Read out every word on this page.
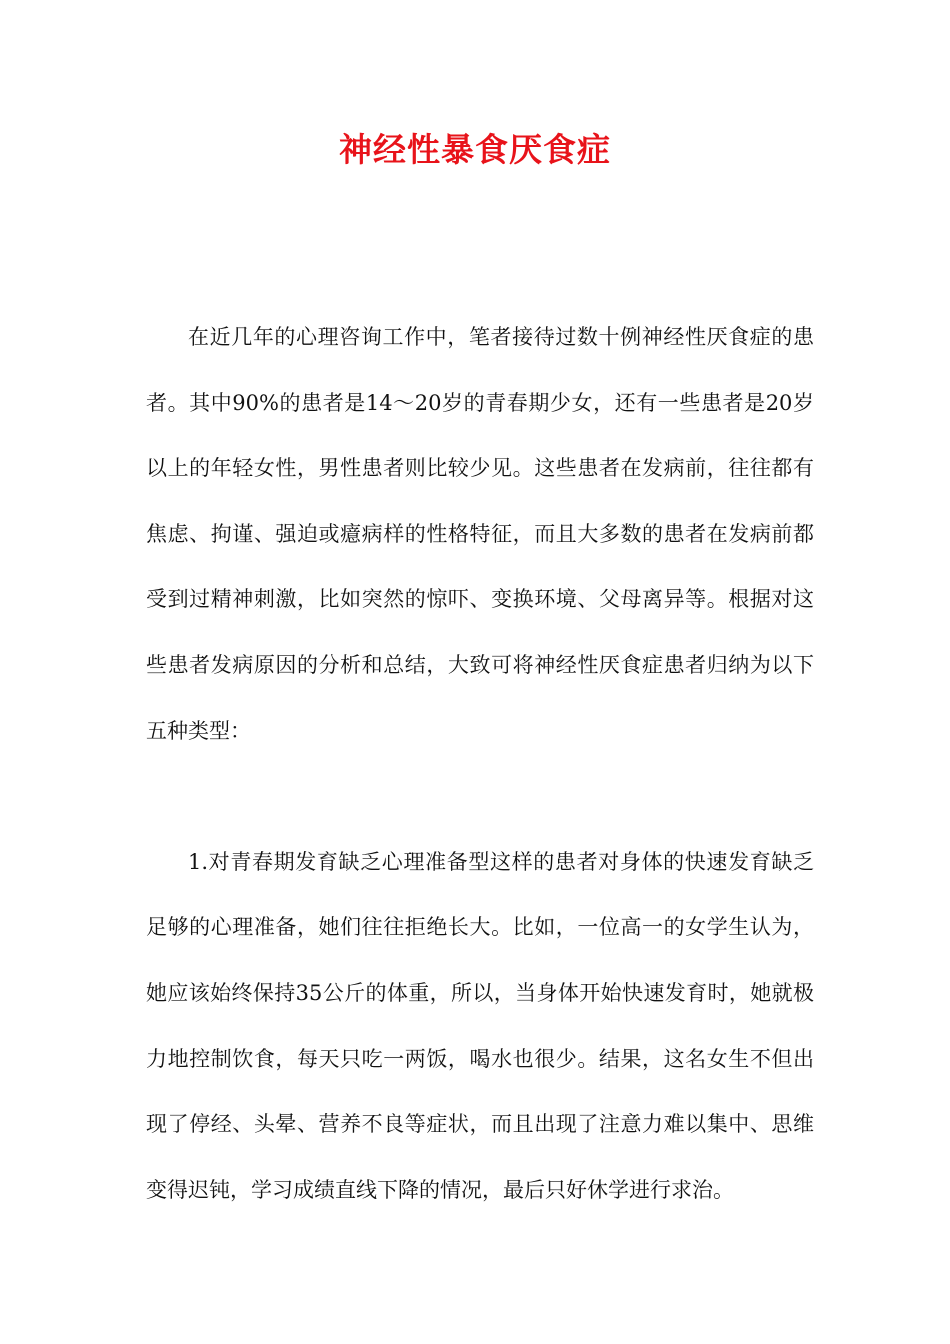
神经性暴食厌食症

在近几年的心理咨询工作中，笔者接待过数十例神经性厌食症的患者。其中90%的患者是14～20岁的青春期少女，还有一些患者是20岁以上的年轻女性，男性患者则比较少见。这些患者在发病前，往往都有焦虑、拘谨、强迫或癔病样的性格特征，而且大多数的患者在发病前都受到过精神刺激，比如突然的惊吓、变换环境、父母离异等。根据对这些患者发病原因的分析和总结，大致可将神经性厌食症患者归纳为以下五种类型：

1.对青春期发育缺乏心理准备型这样的患者对身体的快速发育缺乏足够的心理准备，她们往往拒绝长大。比如，一位高一的女学生认为，她应该始终保持35公斤的体重，所以，当身体开始快速发育时，她就极力地控制饮食，每天只吃一两饭，喝水也很少。结果，这名女生不但出现了停经、头晕、营养不良等症状，而且出现了注意力难以集中、思维变得迟钝，学习成绩直线下降的情况，最后只好休学进行求治。
